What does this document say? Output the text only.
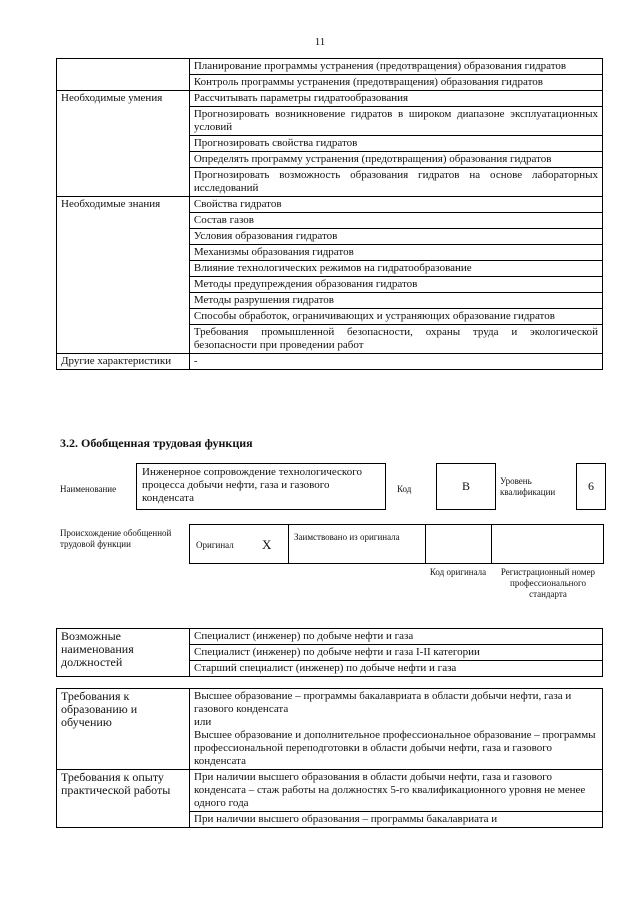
11
	Планирование программы устранения (предотвращения) образования гидратов
	Контроль программы устранения (предотвращения) образования гидратов
Необходимые умения	Рассчитывать параметры гидратообразования
	Прогнозировать возникновение гидратов в широком диапазоне эксплуатационных условий
	Прогнозировать свойства гидратов
	Определять программу устранения (предотвращения) образования гидратов
	Прогнозировать возможность образования гидратов на основе лабораторных исследований
Необходимые знания	Свойства гидратов
	Состав газов
	Условия образования гидратов
	Механизмы образования гидратов
	Влияние технологических режимов на гидратообразование
	Методы предупреждения образования гидратов
	Методы разрушения гидратов
	Способы обработок, ограничивающих и устраняющих образование гидратов
	Требования промышленной безопасности, охраны труда и экологической безопасности при проведении работ
Другие характеристики	-
3.2. Обобщенная трудовая функция
Наименование
Инженерное сопровождение технологического процесса добычи нефти, газа и газового конденсата
Код	B	Уровень квалификации	6
Происхождение обобщенной трудовой функции	Оригинал X	Заимствовано из оригинала
Код оригинала	Регистрационный номер профессионального стандарта
Возможные наименования должностей	Специалист (инженер) по добыче нефти и газа
Специалист (инженер) по добыче нефти и газа I-II категории
Старший специалист (инженер) по добыче нефти и газа
Требования к образованию и обучению	Высшее образование – программы бакалавриата в области добычи нефти, газа и газового конденсата
или
Высшее образование и дополнительное профессиональное образование – программы профессиональной переподготовки в области добычи нефти, газа и газового конденсата

Требования к опыту практической работы	При наличии высшего образования в области добычи нефти, газа и газового конденсата – стаж работы на должностях 5-го квалификационного уровня не менее одного года
	При наличии высшего образования – программы бакалавриата и
